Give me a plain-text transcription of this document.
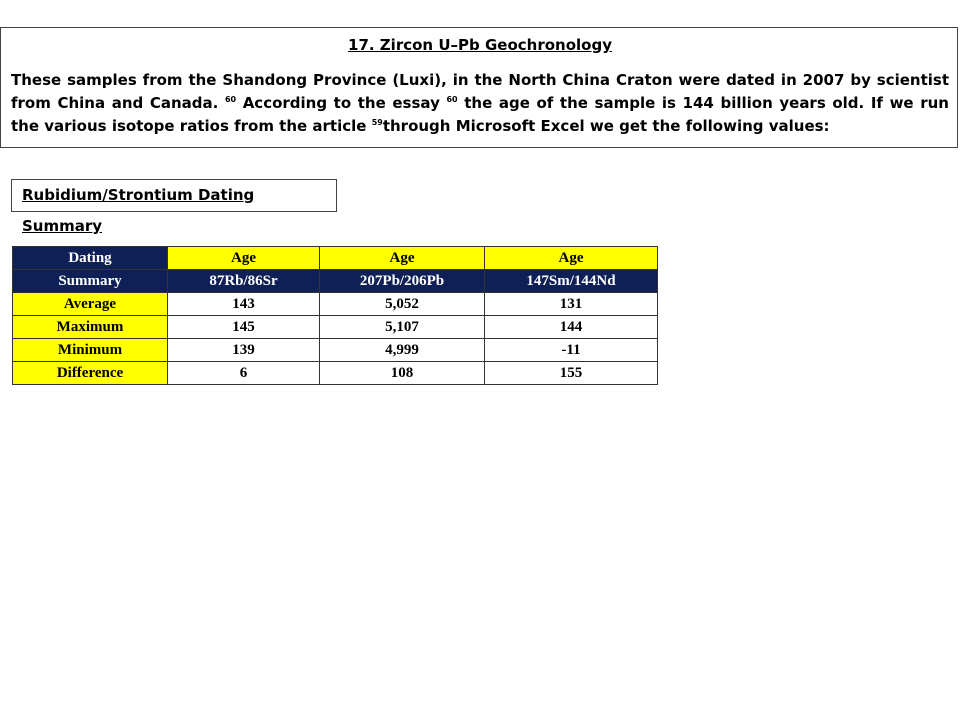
17. Zircon U–Pb Geochronology

These samples from the Shandong Province (Luxi), in the North China Craton were dated in 2007 by scientist from China and Canada. $^{60}$ According to the essay $^{60}$ the age of the sample is 144 billion years old. If we run the various isotope ratios from the article $^{59}$through Microsoft Excel we get the following values:

Rubidium/Strontium Dating Summary
Dating	Age	Age	Age
Summary	87Rb/86Sr	207Pb/206Pb	147Sm/144Nd
Average	143	5,052	131
Maximum	145	5,107	144
Minimum	139	4,999	-11
Difference	6	108	155
